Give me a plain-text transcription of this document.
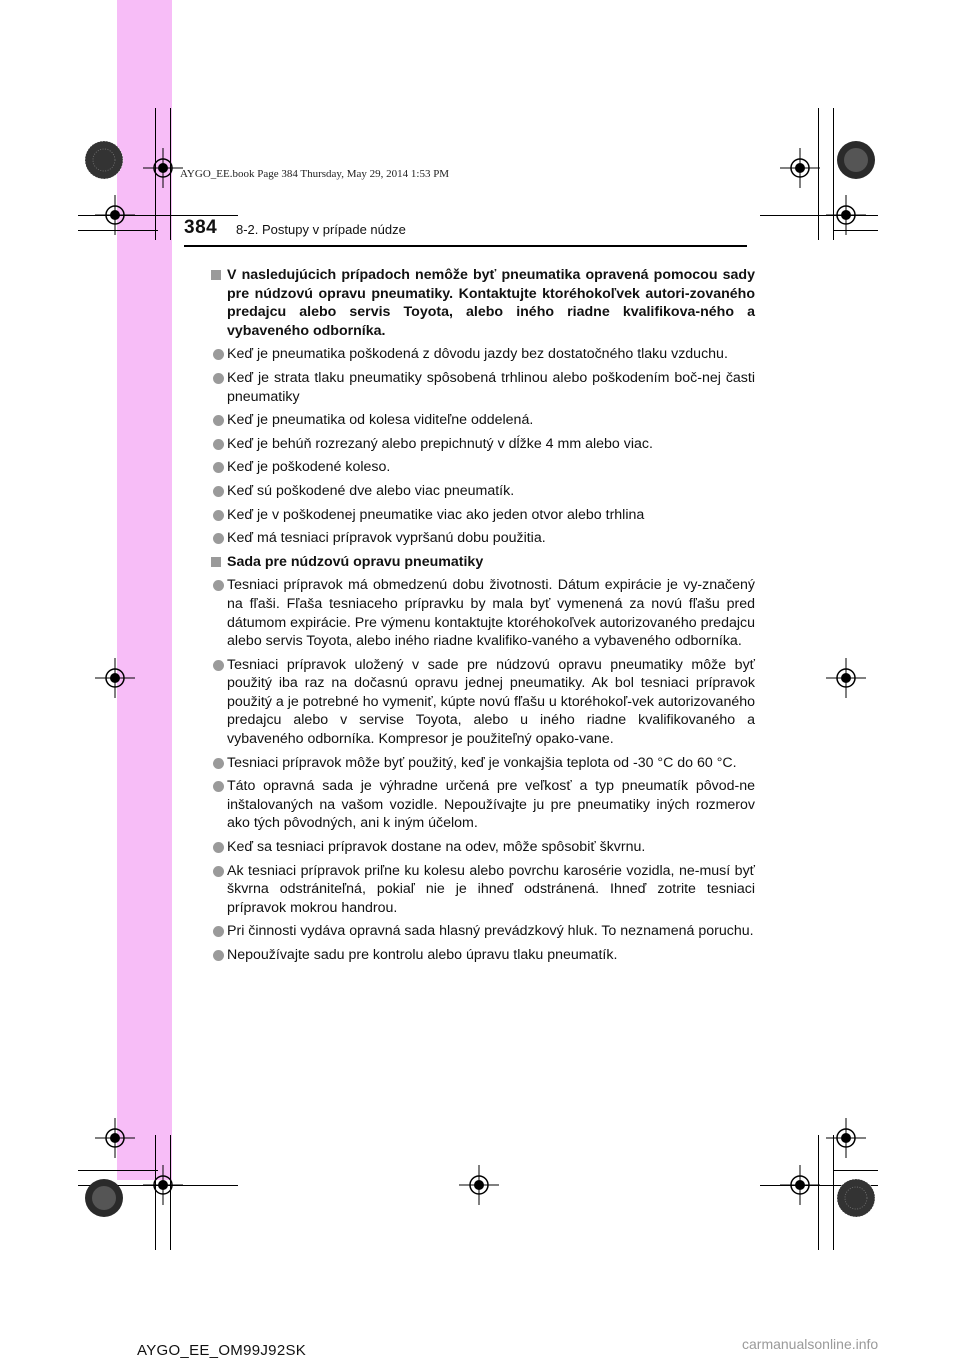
AYGO_EE.book Page 384 Thursday, May 29, 2014 1:53 PM
384 8-2. Postupy v prípade núdze
V nasledujúcich prípadoch nemôže byť pneumatika opravená pomocou sady pre núdzovú opravu pneumatiky. Kontaktujte ktoréhokoľvek autori-zovaného predajcu alebo servis Toyota, alebo iného riadne kvalifikova-ného a vybaveného odborníka.
Keď je pneumatika poškodená z dôvodu jazdy bez dostatočného tlaku vzduchu.
Keď je strata tlaku pneumatiky spôsobená trhlinou alebo poškodením boč-nej časti pneumatiky
Keď je pneumatika od kolesa viditeľne oddelená.
Keď je behúň rozrezaný alebo prepichnutý v dĺžke 4 mm alebo viac.
Keď je poškodené koleso.
Keď sú poškodené dve alebo viac pneumatík.
Keď je v poškodenej pneumatike viac ako jeden otvor alebo trhlina
Keď má tesniaci prípravok vypršanú dobu použitia.
Sada pre núdzovú opravu pneumatiky
Tesniaci prípravok má obmedzenú dobu životnosti. Dátum expirácie je vy-značený na fľaši. Fľaša tesniaceho prípravku by mala byť vymenená za novú fľašu pred dátumom expirácie. Pre výmenu kontaktujte ktoréhokoľvek autorizovaného predajcu alebo servis Toyota, alebo iného riadne kvalifiko-vaného a vybaveného odborníka.
Tesniaci prípravok uložený v sade pre núdzovú opravu pneumatiky môže byť použitý iba raz na dočasnú opravu jednej pneumatiky. Ak bol tesniaci prípravok použitý a je potrebné ho vymeniť, kúpte novú fľašu u ktoréhokoľ-vek autorizovaného predajcu alebo v servise Toyota, alebo u iného riadne kvalifikovaného a vybaveného odborníka. Kompresor je použiteľný opako-vane.
Tesniaci prípravok môže byť použitý, keď je vonkajšia teplota od -30 °C do 60 °C.
Táto opravná sada je výhradne určená pre veľkosť a typ pneumatík pôvod-ne inštalovaných na vašom vozidle. Nepoužívajte ju pre pneumatiky iných rozmerov ako tých pôvodných, ani k iným účelom.
Keď sa tesniaci prípravok dostane na odev, môže spôsobiť škvrnu.
Ak tesniaci prípravok priľne ku kolesu alebo povrchu karosérie vozidla, ne-musí byť škvrna odstrániteľná, pokiaľ nie je ihneď odstránená. Ihneď zotrite tesniaci prípravok mokrou handrou.
Pri činnosti vydáva opravná sada hlasný prevádzkový hluk. To neznamená poruchu.
Nepoužívajte sadu pre kontrolu alebo úpravu tlaku pneumatík.
AYGO_EE_OM99J92SK	carmanualsonline.info
